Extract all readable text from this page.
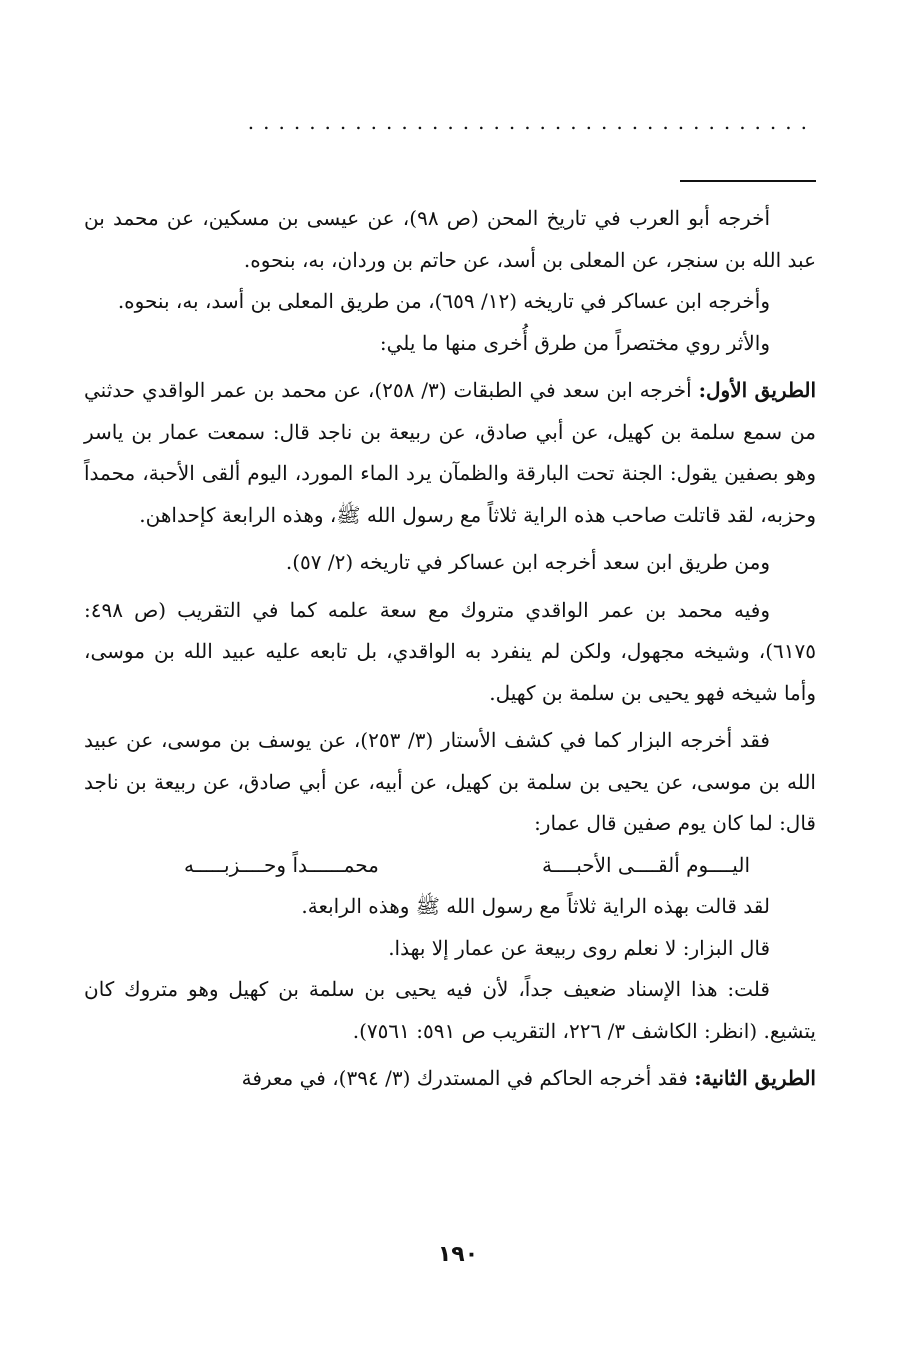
.....................................

أخرجه أبو العرب في تاريخ المحن (ص ٩٨)، عن عيسى بن مسكين، عن محمد بن عبد الله بن سنجر، عن المعلى بن أسد، عن حاتم بن وردان، به، بنحوه.

وأخرجه ابن عساكر في تاريخه (١٢/ ٦٥٩)، من طريق المعلى بن أسد، به، بنحوه.

والأثر روي مختصراً من طرق أُخرى منها ما يلي:

الطريق الأول: أخرجه ابن سعد في الطبقات (٣/ ٢٥٨)، عن محمد بن عمر الواقدي حدثني من سمع سلمة بن كهيل، عن أبي صادق، عن ربيعة بن ناجد قال: سمعت عمار بن ياسر وهو بصفين يقول: الجنة تحت البارقة والظمآن يرد الماء المورد، اليوم ألقى الأحبة، محمداً وحزبه، لقد قاتلت صاحب هذه الراية ثلاثاً مع رسول الله ﷺ، وهذه الرابعة كإحداهن.

ومن طريق ابن سعد أخرجه ابن عساكر في تاريخه (٢/ ٥٧).

وفيه محمد بن عمر الواقدي متروك مع سعة علمه كما في التقريب (ص ٤٩٨: ٦١٧٥)، وشيخه مجهول، ولكن لم ينفرد به الواقدي، بل تابعه عليه عبيد الله بن موسى، وأما شيخه فهو يحيى بن سلمة بن كهيل.

فقد أخرجه البزار كما في كشف الأستار (٣/ ٢٥٣)، عن يوسف بن موسى، عن عبيد الله بن موسى، عن يحيى بن سلمة بن كهيل، عن أبيه، عن أبي صادق، عن ربيعة بن ناجد قال: لما كان يوم صفين قال عمار:

اليــــوم ألقــــى الأحبــــة
محمــــــداً وحــــزبـــــه

لقد قالت بهذه الراية ثلاثاً مع رسول الله ﷺ وهذه الرابعة.

قال البزار: لا نعلم روى ربيعة عن عمار إلا بهذا.

قلت: هذا الإسناد ضعيف جداً، لأن فيه يحيى بن سلمة بن كهيل وهو متروك كان يتشيع. (انظر: الكاشف ٣/ ٢٢٦، التقريب ص ٥٩١: ٧٥٦١).

الطريق الثانية: فقد أخرجه الحاكم في المستدرك (٣/ ٣٩٤)، في معرفة

١٩٠
